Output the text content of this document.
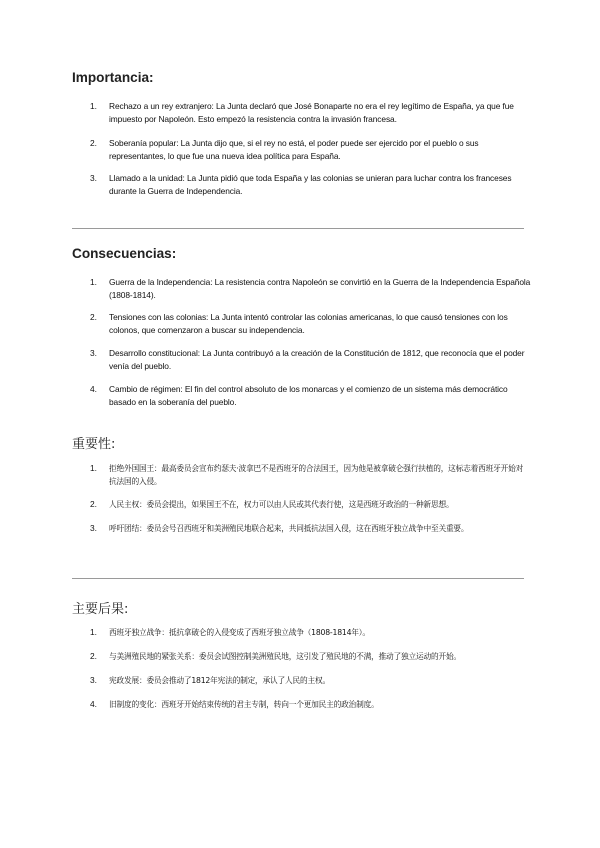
Importancia:
1. Rechazo a un rey extranjero: La Junta declaró que José Bonaparte no era el rey legítimo de España, ya que fue impuesto por Napoleón. Esto empezó la resistencia contra la invasión francesa.
2. Soberanía popular: La Junta dijo que, si el rey no está, el poder puede ser ejercido por el pueblo o sus representantes, lo que fue una nueva idea política para España.
3. Llamado a la unidad: La Junta pidió que toda España y las colonias se unieran para luchar contra los franceses durante la Guerra de Independencia.
Consecuencias:
1. Guerra de la Independencia: La resistencia contra Napoleón se convirtió en la Guerra de la Independencia Española (1808-1814).
2. Tensiones con las colonias: La Junta intentó controlar las colonias americanas, lo que causó tensiones con los colonos, que comenzaron a buscar su independencia.
3. Desarrollo constitucional: La Junta contribuyó a la creación de la Constitución de 1812, que reconocía que el poder venía del pueblo.
4. Cambio de régimen: El fin del control absoluto de los monarcas y el comienzo de un sistema más democrático basado en la soberanía del pueblo.
重要性:
1. 拒绝外国国王：最高委员会宣布约瑟夫·波拿巴不是西班牙的合法国王，因为他是被拿破仑强行扶植的，这标志着西班牙开始对抗法国的入侵。
2. 人民主权：委员会提出，如果国王不在，权力可以由人民或其代表行使，这是西班牙政治的一种新思想。
3. 呼吁团结：委员会号召西班牙和美洲殖民地联合起来，共同抵抗法国入侵，这在西班牙独立战争中至关重要。
主要后果:
1. 西班牙独立战争：抵抗拿破仑的入侵变成了西班牙独立战争（1808-1814年）。
2. 与美洲殖民地的紧张关系：委员会试图控制美洲殖民地，这引发了殖民地的不满，推动了独立运动的开始。
3. 宪政发展：委员会推动了1812年宪法的制定，承认了人民的主权。
4. 旧制度的变化：西班牙开始结束传统的君主专制，转向一个更加民主的政治制度。
